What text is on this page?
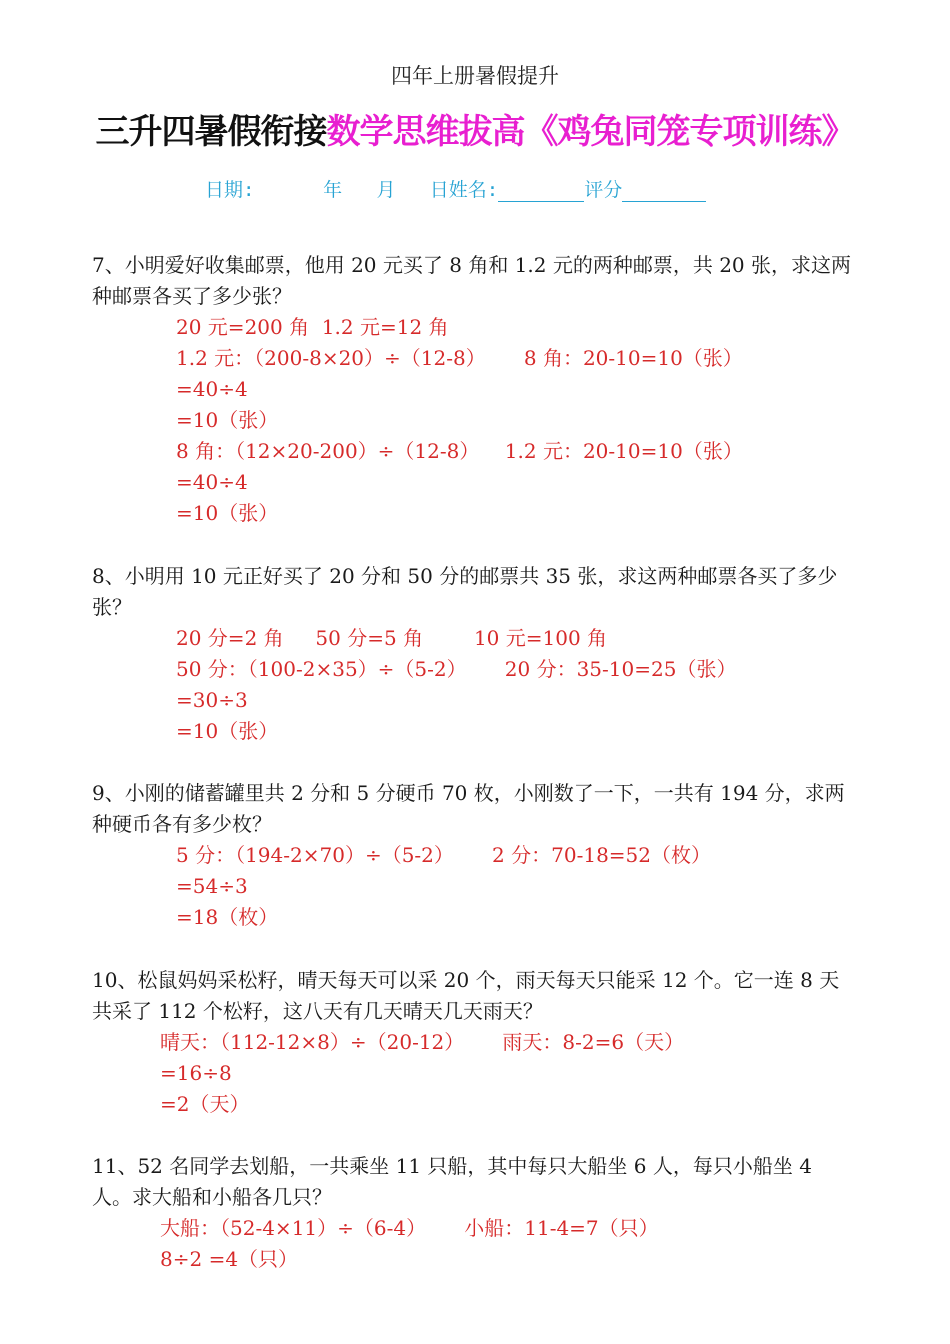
四年上册暑假提升
三升四暑假衔接数学思维拔高《鸡兔同笼专项训练》
日期:	年 月 日姓名:	评分
7、小明爱好收集邮票，他用 20 元买了 8 角和 1.2 元的两种邮票，共 20 张，求这两种邮票各买了多少张？
20 元=200 角  1.2 元=12 角
1.2 元：（200-8×20）÷（12-8）      8 角：20-10=10（张）
=40÷4
=10（张）
8 角：（12×20-200）÷（12-8）    1.2 元：20-10=10（张）
=40÷4
=10（张）
8、小明用 10 元正好买了 20 分和 50 分的邮票共 35 张，求这两种邮票各买了多少张？
20 分=2 角     50 分=5 角        10 元=100 角
50 分：（100-2×35）÷（5-2）      20 分：35-10=25（张）
=30÷3
=10（张）
9、小刚的储蓄罐里共 2 分和 5 分硬币 70 枚，小刚数了一下，一共有 194 分，求两种硬币各有多少枚？
5 分：（194-2×70）÷（5-2）      2 分：70-18=52（枚）
=54÷3
=18（枚）
10、松鼠妈妈采松籽，晴天每天可以采 20 个，雨天每天只能采 12 个。它一连 8 天共采了 112 个松籽，这八天有几天晴天几天雨天？
晴天：（112-12×8）÷（20-12）      雨天：8-2=6（天）
=16÷8
=2（天）
11、52 名同学去划船，一共乘坐 11 只船，其中每只大船坐 6 人，每只小船坐 4 人。求大船和小船各几只？
大船：（52-4×11）÷（6-4）      小船：11-4=7（只）
8÷2 =4（只）
